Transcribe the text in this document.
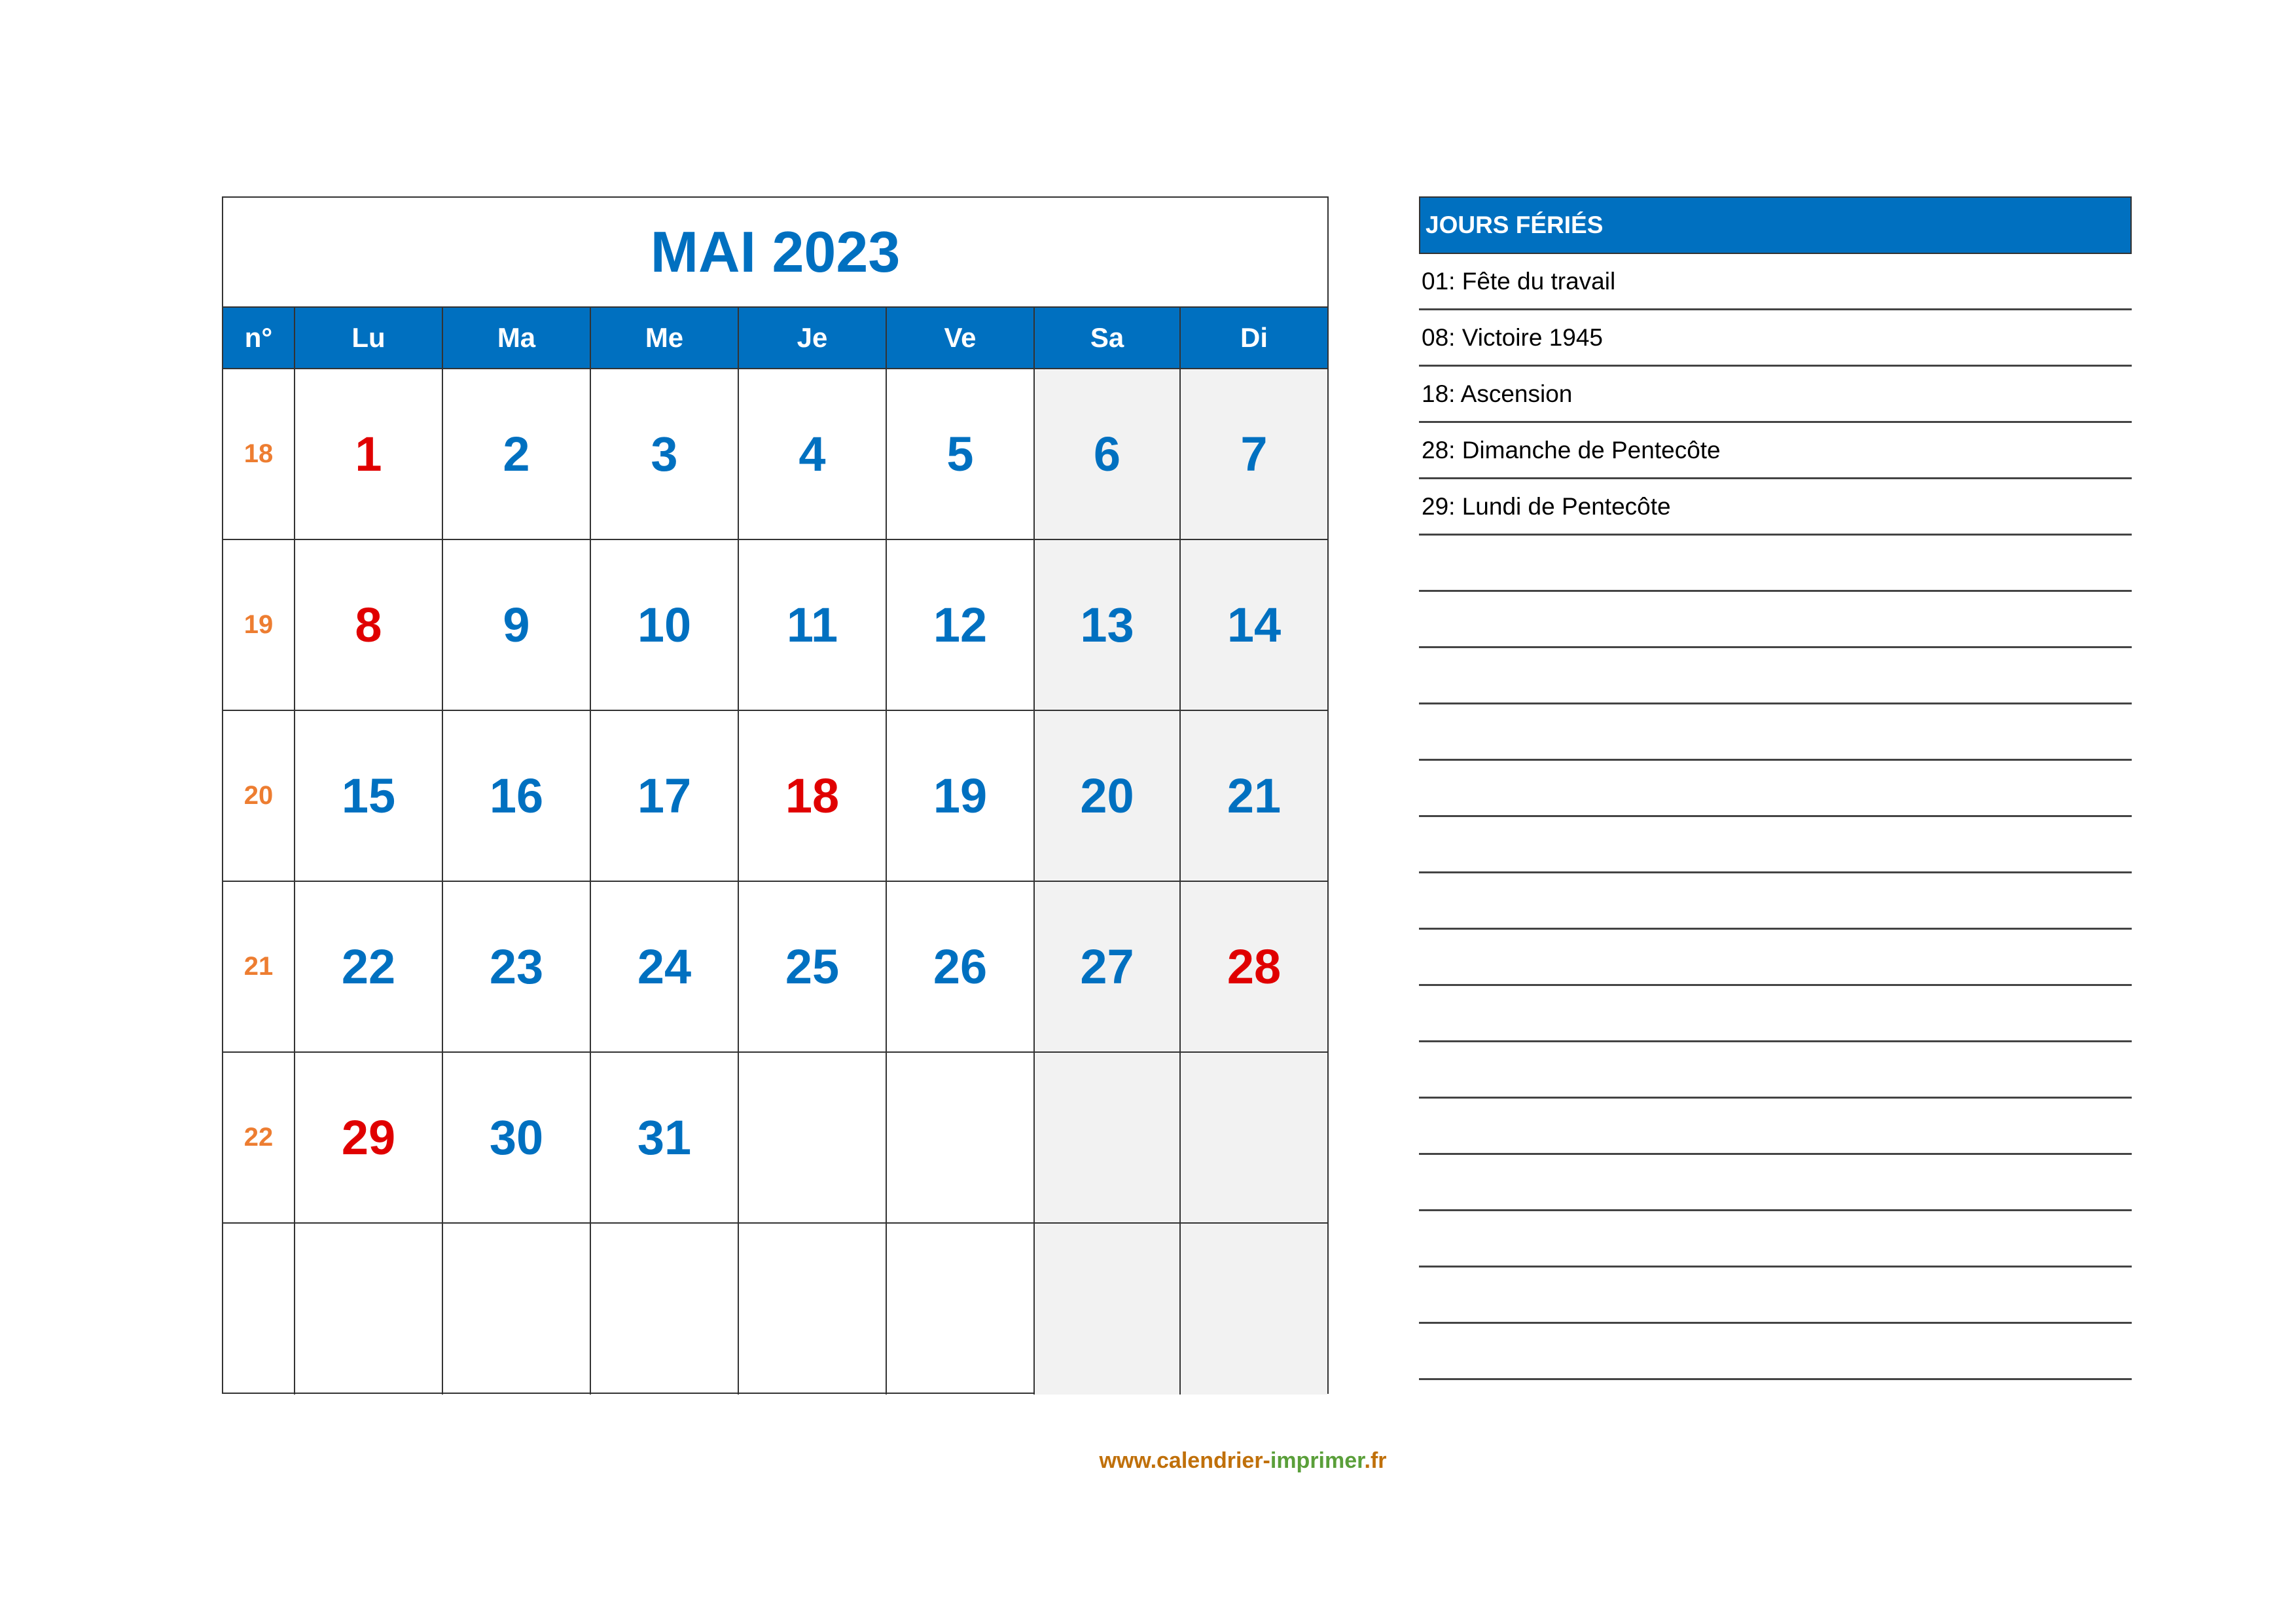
MAI 2023
n°	Lu	Ma	Me	Je	Ve	Sa	Di
18	1	2	3	4	5	6	7
19	8	9	10	11	12	13	14
20	15	16	17	18	19	20	21
21	22	23	24	25	26	27	28
22	29	30	31
JOURS FÉRIÉS
01: Fête du travail
08: Victoire 1945
18: Ascension
28: Dimanche de Pentecôte
29: Lundi de Pentecôte
www.calendrier-imprimer.fr
